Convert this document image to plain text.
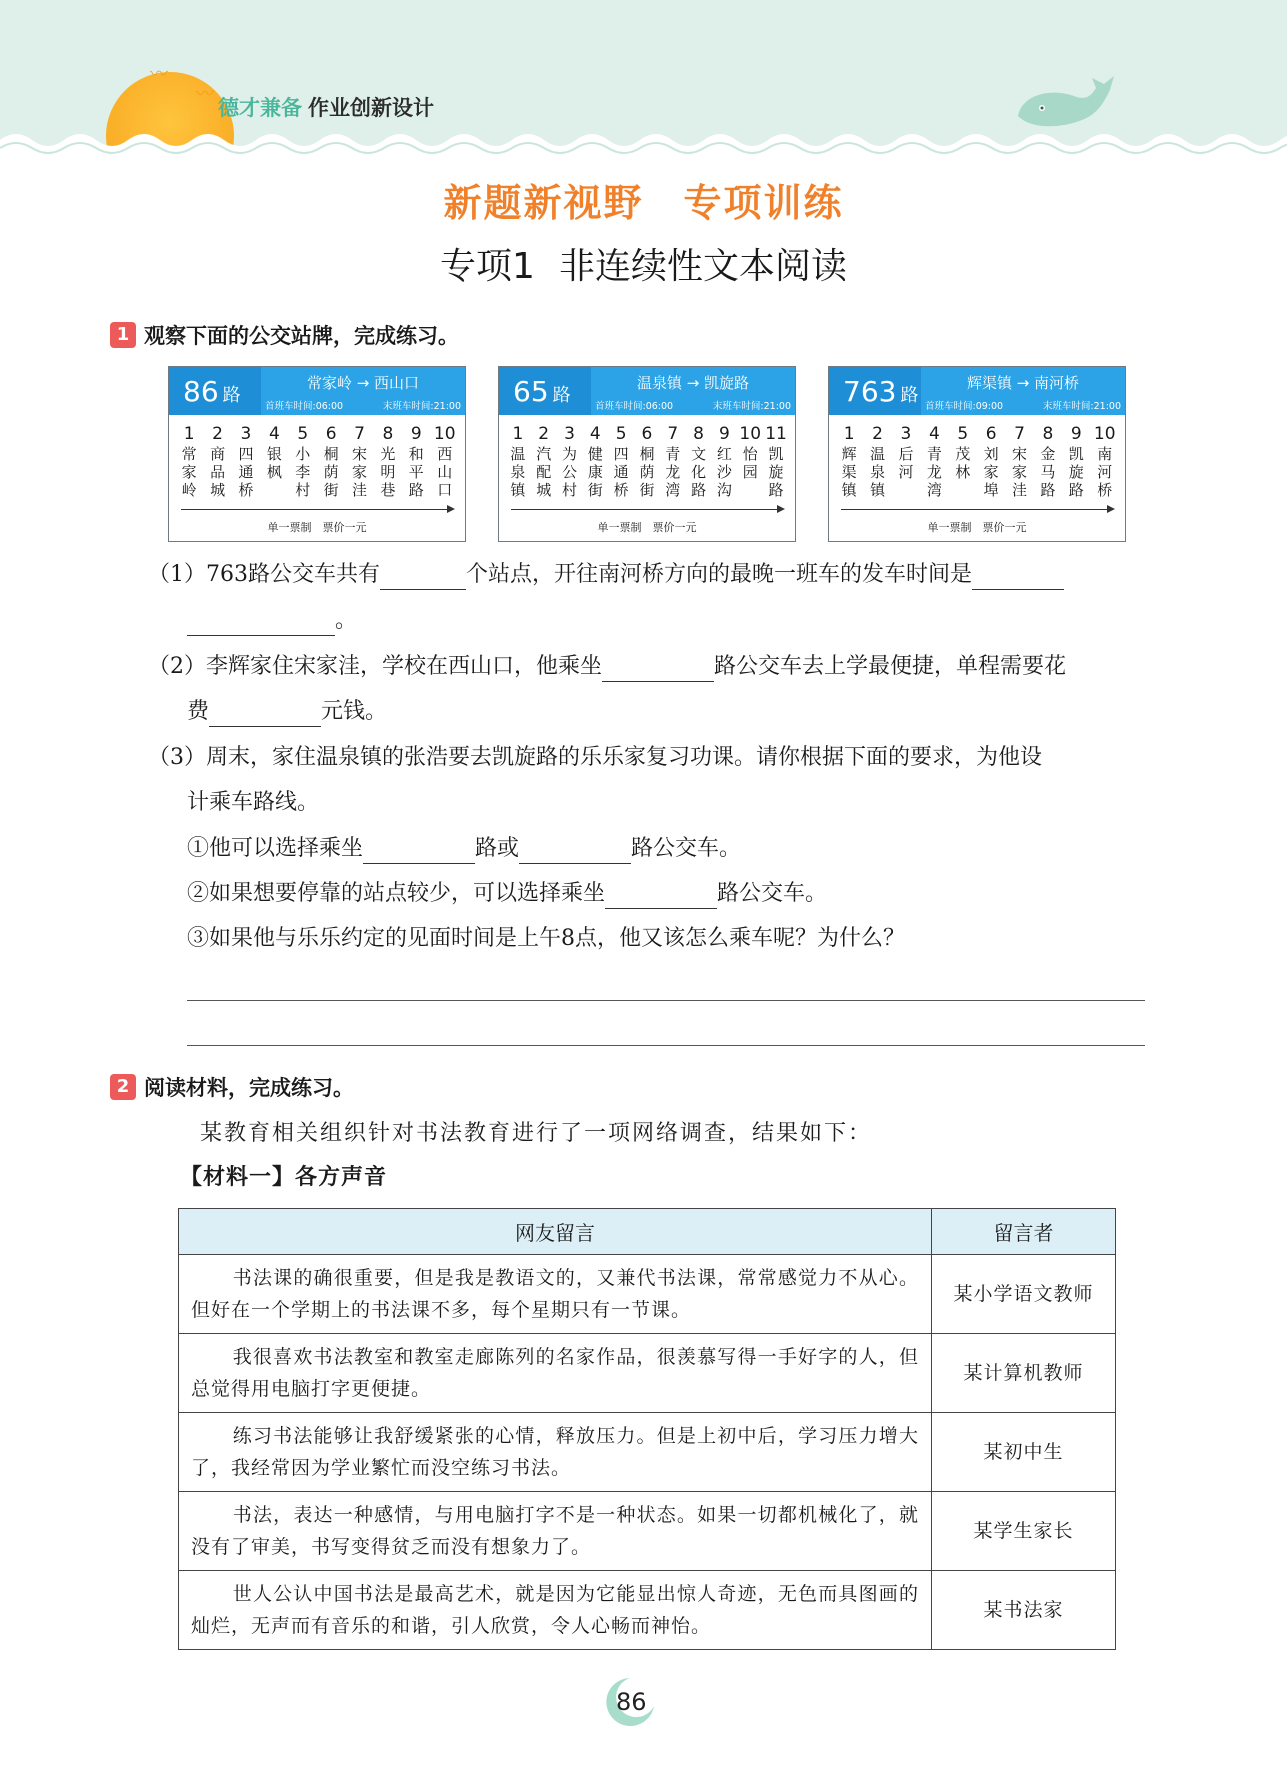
〰
〰
德才兼备 作业创新设计
新题新视野 专项训练
专项1 非连续性文本阅读
1 观察下面的公交站牌，完成练习。
86 路
常家岭 → 西山口
首班车时间:06:00	末班车时间:21:00
1
常家岭
2
商品城
3
四通桥
4
银枫
5
小李村
6
桐荫街
7
宋家洼
8
光明巷
9
和平路
10
西山口
单一票制　票价一元
65 路
温泉镇 → 凯旋路
首班车时间:06:00	末班车时间:21:00
1
温泉镇
2
汽配城
3
为公村
4
健康街
5
四通桥
6
桐荫街
7
青龙湾
8
文化路
9
红沙沟
10
怡园
11
凯旋路
单一票制　票价一元
763 路
辉渠镇 → 南河桥
首班车时间:09:00	末班车时间:21:00
1
辉渠镇
2
温泉镇
3
后河
4
青龙湾
5
茂林
6
刘家埠
7
宋家洼
8
金马路
9
凯旋路
10
南河桥
单一票制　票价一元
（1）763路公交车共有	个站点，开往南河桥方向的最晚一班车的发车时间是
。
（2）李辉家住宋家洼，学校在西山口，他乘坐	路公交车去上学最便捷，单程需要花
费	元钱。
（3）周末，家住温泉镇的张浩要去凯旋路的乐乐家复习功课。请你根据下面的要求，为他设
计乘车路线。
①他可以选择乘坐	路或	路公交车。
②如果想要停靠的站点较少，可以选择乘坐	路公交车。
③如果他与乐乐约定的见面时间是上午8点，他又该怎么乘车呢？为什么？
2 阅读材料，完成练习。
某教育相关组织针对书法教育进行了一项网络调查，结果如下：
【材料一】各方声音
网友留言	留言者
书法课的确很重要，但是我是教语文的，又兼代书法课，常常感觉力不从心。但好在一个学期上的书法课不多，每个星期只有一节课。	某小学语文教师
我很喜欢书法教室和教室走廊陈列的名家作品，很羡慕写得一手好字的人，但总觉得用电脑打字更便捷。	某计算机教师
练习书法能够让我舒缓紧张的心情，释放压力。但是上初中后，学习压力增大了，我经常因为学业繁忙而没空练习书法。	某初中生
书法，表达一种感情，与用电脑打字不是一种状态。如果一切都机械化了，就没有了审美，书写变得贫乏而没有想象力了。	某学生家长
世人公认中国书法是最高艺术，就是因为它能显出惊人奇迹，无色而具图画的灿烂，无声而有音乐的和谐，引人欣赏，令人心畅而神怡。	某书法家
86
